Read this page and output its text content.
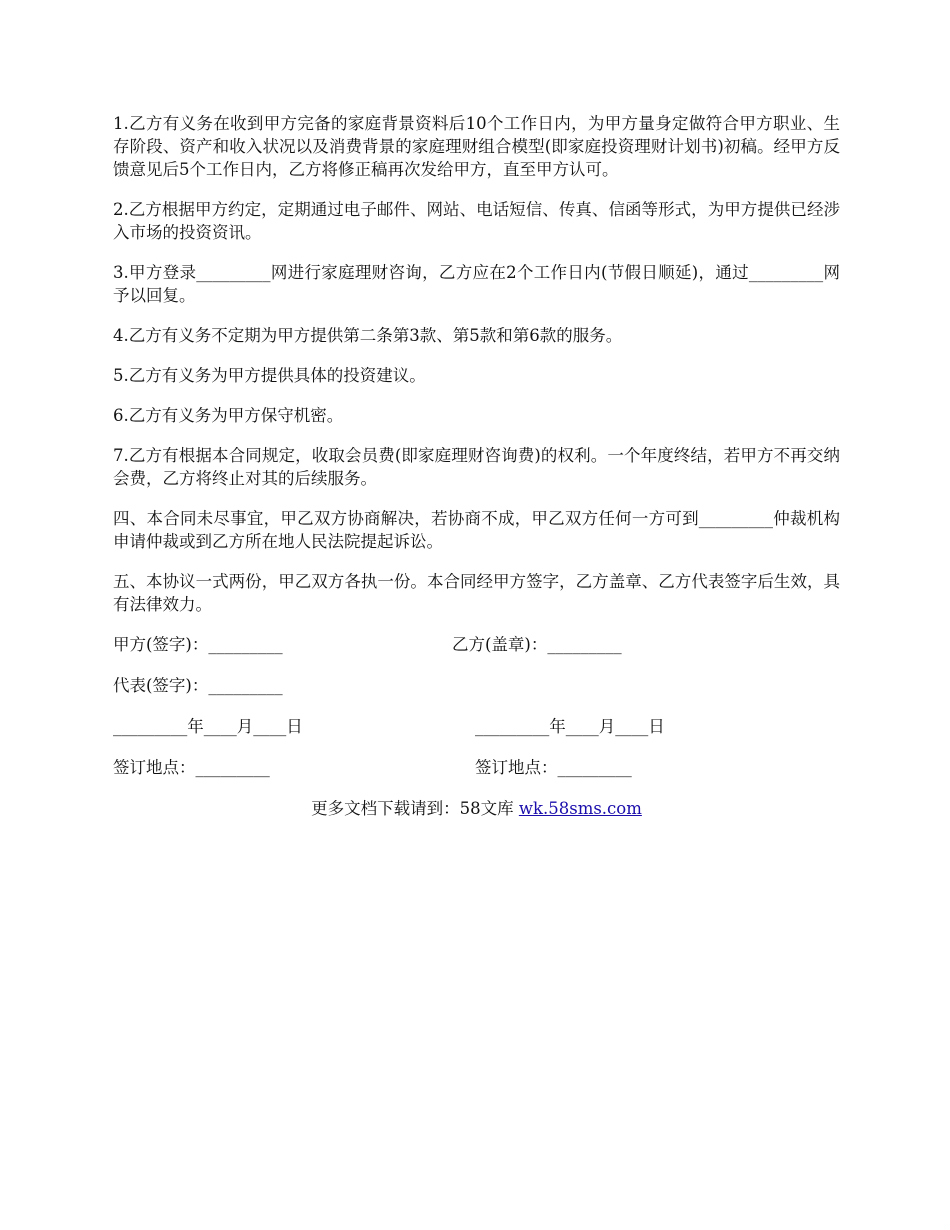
1.乙方有义务在收到甲方完备的家庭背景资料后10个工作日内，为甲方量身定做符合甲方职业、生存阶段、资产和收入状况以及消费背景的家庭理财组合模型(即家庭投资理财计划书)初稿。经甲方反馈意见后5个工作日内，乙方将修正稿再次发给甲方，直至甲方认可。

2.乙方根据甲方约定，定期通过电子邮件、网站、电话短信、传真、信函等形式，为甲方提供已经涉入市场的投资资讯。

3.甲方登录_________网进行家庭理财咨询，乙方应在2个工作日内(节假日顺延)，通过_________网予以回复。

4.乙方有义务不定期为甲方提供第二条第3款、第5款和第6款的服务。

5.乙方有义务为甲方提供具体的投资建议。

6.乙方有义务为甲方保守机密。

7.乙方有根据本合同规定，收取会员费(即家庭理财咨询费)的权利。一个年度终结，若甲方不再交纳会费，乙方将终止对其的后续服务。

四、本合同未尽事宜，甲乙双方协商解决，若协商不成，甲乙双方任何一方可到_________仲裁机构申请仲裁或到乙方所在地人民法院提起诉讼。

五、本协议一式两份，甲乙双方各执一份。本合同经甲方签字，乙方盖章、乙方代表签字后生效，具有法律效力。

甲方(签字)：_________	乙方(盖章)：_________
代表(签字)：_________
_________年____月____日	_________年____月____日
签订地点：_________	签订地点：_________
更多文档下载请到：58文库 wk.58sms.com
